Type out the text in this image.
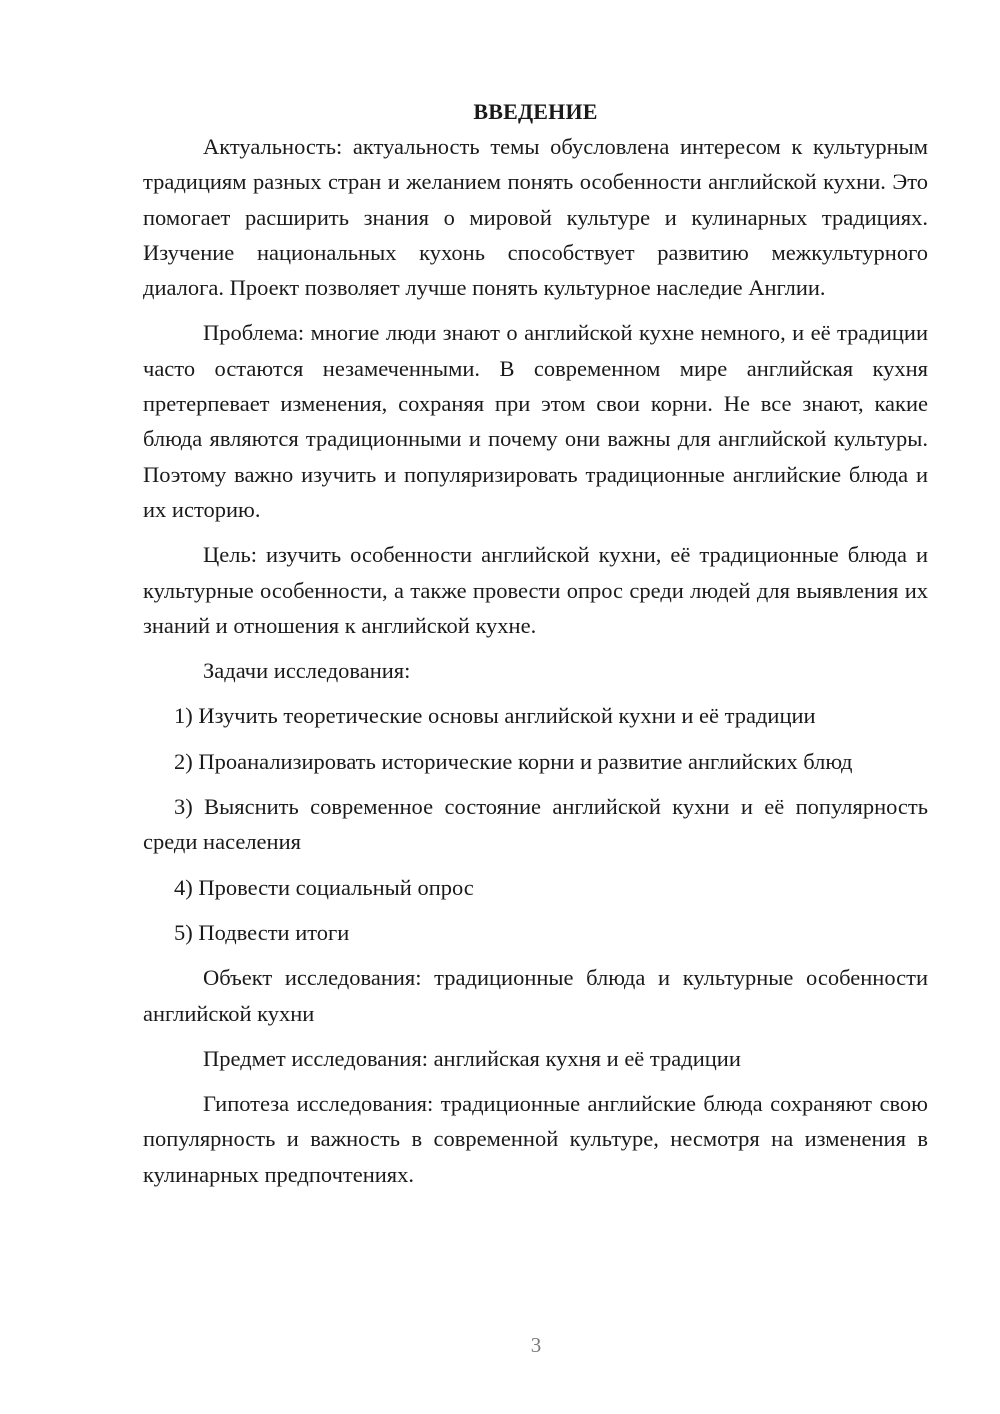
ВВЕДЕНИЕ

Актуальность: актуальность темы обусловлена интересом к культурным традициям разных стран и желанием понять особенности английской кухни. Это помогает расширить знания о мировой культуре и кулинарных традициях. Изучение национальных кухонь способствует развитию межкультурного диалога. Проект позволяет лучше понять культурное наследие Англии.

Проблема: многие люди знают о английской кухне немного, и её традиции часто остаются незамеченными. В современном мире английская кухня претерпевает изменения, сохраняя при этом свои корни. Не все знают, какие блюда являются традиционными и почему они важны для английской культуры. Поэтому важно изучить и популяризировать традиционные английские блюда и их историю.

Цель: изучить особенности английской кухни, её традиционные блюда и культурные особенности, а также провести опрос среди людей для выявления их знаний и отношения к английской кухне.

Задачи исследования:

1) Изучить теоретические основы английской кухни и её традиции

2) Проанализировать исторические корни и развитие английских блюд

3) Выяснить современное состояние английской кухни и её популярность среди населения

4) Провести социальный опрос

5) Подвести итоги

Объект исследования: традиционные блюда и культурные особенности английской кухни

Предмет исследования: английская кухня и её традиции

Гипотеза исследования: традиционные английские блюда сохраняют свою популярность и важность в современной культуре, несмотря на изменения в кулинарных предпочтениях.

3
